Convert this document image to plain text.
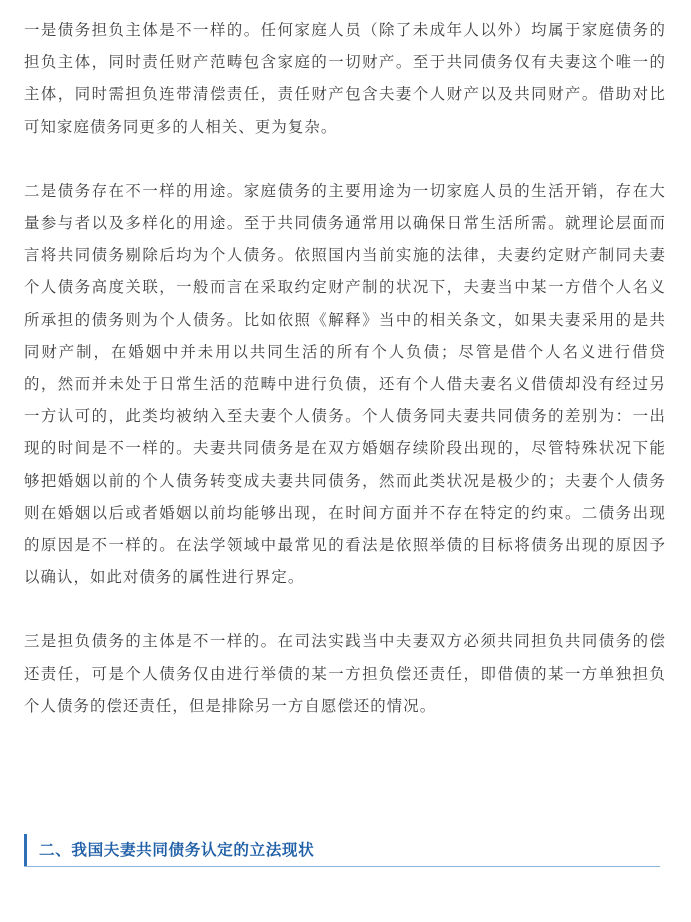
一是债务担负主体是不一样的。任何家庭人员（除了未成年人以外）均属于家庭债务的担负主体，同时责任财产范畴包含家庭的一切财产。至于共同债务仅有夫妻这个唯一的主体，同时需担负连带清偿责任，责任财产包含夫妻个人财产以及共同财产。借助对比可知家庭债务同更多的人相关、更为复杂。

二是债务存在不一样的用途。家庭债务的主要用途为一切家庭人员的生活开销，存在大量参与者以及多样化的用途。至于共同债务通常用以确保日常生活所需。就理论层面而言将共同债务剔除后均为个人债务。依照国内当前实施的法律，夫妻约定财产制同夫妻个人债务高度关联，一般而言在采取约定财产制的状况下，夫妻当中某一方借个人名义所承担的债务则为个人债务。比如依照《解释》当中的相关条文，如果夫妻采用的是共同财产制，在婚姻中并未用以共同生活的所有个人负债；尽管是借个人名义进行借贷的，然而并未处于日常生活的范畴中进行负债，还有个人借夫妻名义借债却没有经过另一方认可的，此类均被纳入至夫妻个人债务。个人债务同夫妻共同债务的差别为：一出现的时间是不一样的。夫妻共同债务是在双方婚姻存续阶段出现的，尽管特殊状况下能够把婚姻以前的个人债务转变成夫妻共同债务，然而此类状况是极少的；夫妻个人债务则在婚姻以后或者婚姻以前均能够出现，在时间方面并不存在特定的约束。二债务出现的原因是不一样的。在法学领域中最常见的看法是依照举债的目标将债务出现的原因予以确认，如此对债务的属性进行界定。

三是担负债务的主体是不一样的。在司法实践当中夫妻双方必须共同担负共同债务的偿还责任，可是个人债务仅由进行举债的某一方担负偿还责任，即借债的某一方单独担负个人债务的偿还责任，但是排除另一方自愿偿还的情况。

二、我国夫妻共同债务认定的立法现状
